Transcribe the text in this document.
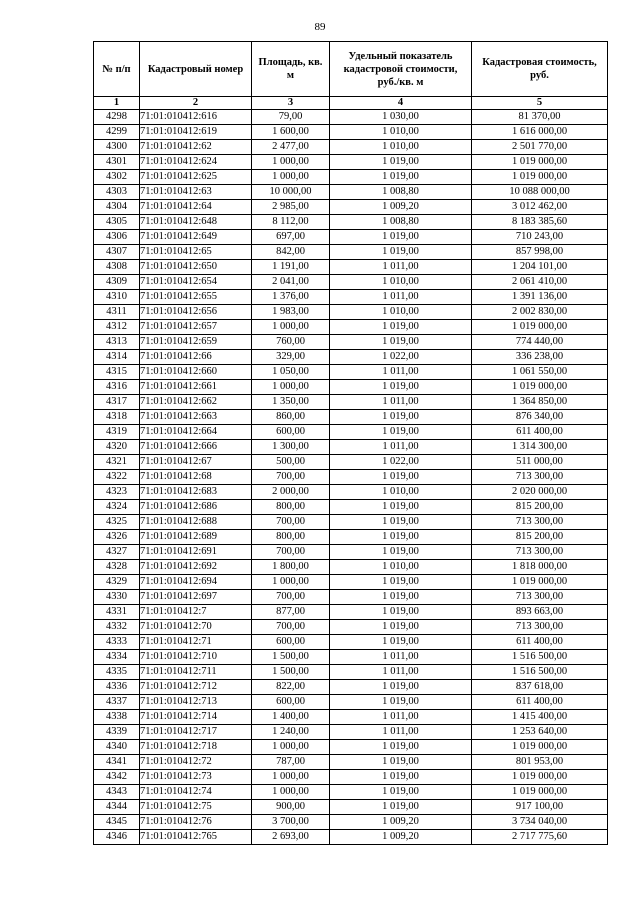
89
№ п/п	Кадастровый номер	Площадь, кв. м	Удельный показатель кадастровой стоимости, руб./кв. м	Кадастровая стоимость, руб.
1	2	3	4	5
4298	71:01:010412:616	79,00	1 030,00	81 370,00
4299	71:01:010412:619	1 600,00	1 010,00	1 616 000,00
4300	71:01:010412:62	2 477,00	1 010,00	2 501 770,00
4301	71:01:010412:624	1 000,00	1 019,00	1 019 000,00
4302	71:01:010412:625	1 000,00	1 019,00	1 019 000,00
4303	71:01:010412:63	10 000,00	1 008,80	10 088 000,00
4304	71:01:010412:64	2 985,00	1 009,20	3 012 462,00
4305	71:01:010412:648	8 112,00	1 008,80	8 183 385,60
4306	71:01:010412:649	697,00	1 019,00	710 243,00
4307	71:01:010412:65	842,00	1 019,00	857 998,00
4308	71:01:010412:650	1 191,00	1 011,00	1 204 101,00
4309	71:01:010412:654	2 041,00	1 010,00	2 061 410,00
4310	71:01:010412:655	1 376,00	1 011,00	1 391 136,00
4311	71:01:010412:656	1 983,00	1 010,00	2 002 830,00
4312	71:01:010412:657	1 000,00	1 019,00	1 019 000,00
4313	71:01:010412:659	760,00	1 019,00	774 440,00
4314	71:01:010412:66	329,00	1 022,00	336 238,00
4315	71:01:010412:660	1 050,00	1 011,00	1 061 550,00
4316	71:01:010412:661	1 000,00	1 019,00	1 019 000,00
4317	71:01:010412:662	1 350,00	1 011,00	1 364 850,00
4318	71:01:010412:663	860,00	1 019,00	876 340,00
4319	71:01:010412:664	600,00	1 019,00	611 400,00
4320	71:01:010412:666	1 300,00	1 011,00	1 314 300,00
4321	71:01:010412:67	500,00	1 022,00	511 000,00
4322	71:01:010412:68	700,00	1 019,00	713 300,00
4323	71:01:010412:683	2 000,00	1 010,00	2 020 000,00
4324	71:01:010412:686	800,00	1 019,00	815 200,00
4325	71:01:010412:688	700,00	1 019,00	713 300,00
4326	71:01:010412:689	800,00	1 019,00	815 200,00
4327	71:01:010412:691	700,00	1 019,00	713 300,00
4328	71:01:010412:692	1 800,00	1 010,00	1 818 000,00
4329	71:01:010412:694	1 000,00	1 019,00	1 019 000,00
4330	71:01:010412:697	700,00	1 019,00	713 300,00
4331	71:01:010412:7	877,00	1 019,00	893 663,00
4332	71:01:010412:70	700,00	1 019,00	713 300,00
4333	71:01:010412:71	600,00	1 019,00	611 400,00
4334	71:01:010412:710	1 500,00	1 011,00	1 516 500,00
4335	71:01:010412:711	1 500,00	1 011,00	1 516 500,00
4336	71:01:010412:712	822,00	1 019,00	837 618,00
4337	71:01:010412:713	600,00	1 019,00	611 400,00
4338	71:01:010412:714	1 400,00	1 011,00	1 415 400,00
4339	71:01:010412:717	1 240,00	1 011,00	1 253 640,00
4340	71:01:010412:718	1 000,00	1 019,00	1 019 000,00
4341	71:01:010412:72	787,00	1 019,00	801 953,00
4342	71:01:010412:73	1 000,00	1 019,00	1 019 000,00
4343	71:01:010412:74	1 000,00	1 019,00	1 019 000,00
4344	71:01:010412:75	900,00	1 019,00	917 100,00
4345	71:01:010412:76	3 700,00	1 009,20	3 734 040,00
4346	71:01:010412:765	2 693,00	1 009,20	2 717 775,60
